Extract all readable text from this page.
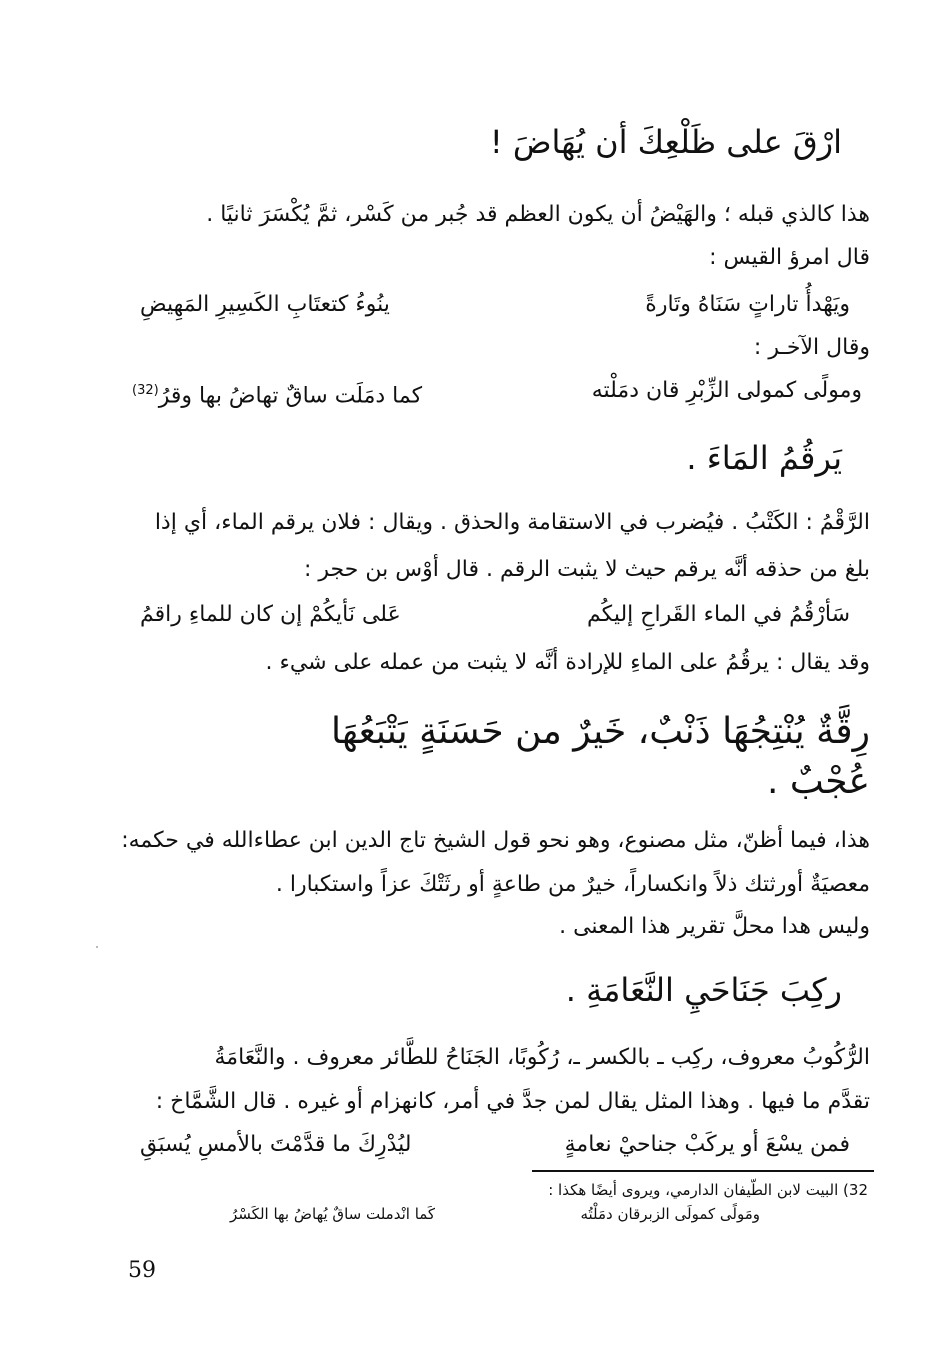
ارْقَ على ظَلْعِكَ أن يُهَاضَ !
هذا كالذي قبله ؛ والهَيْضُ أن يكون العظم قد جُبر من كَسْر، ثمَّ يُكْسَرَ ثانيًا .
قال امرؤ القيس :
ويَهْدأُ تاراتٍ سَنَاهُ وتَارةً
ينُوءُ كتعتَابِ الكَسِيرِ المَهِيضِ
وقال الآخـر :
ومولًى كمولى الزِّبْرِ قان دمَلْته
كما دمَلَت ساقٌ تهاضُ بها وقرُ$^{(32)}$
يَرقُمُ المَاءَ .
الرَّقْمُ : الكَتْبُ . فيُضرب في الاستقامة والحذق . ويقال : فلان يرقم الماء، أي إذا
بلغ من حذقه أنَّه يرقم حيث لا يثبت الرقم . قال أوْس بن حجر :
سَأرْقُمُ في الماء القَراحِ إليكُم
عَلى نَأيكُمْ إن كان للماءِ راقمُ
وقد يقال : يرقُمُ على الماءِ للإرادة أنَّه لا يثبت من عمله على شيء .
رِقَّةٌ يُنْتِجُهَا ذَنْبٌ، خَيرٌ من حَسَنَةٍ يَتْبَعُهَا
عُجْبٌ .
هذا، فيما أظنّ، مثل مصنوع، وهو نحو قول الشيخ تاج الدين ابن عطاءالله في حكمه:
معصيَةٌ أورثتك ذلاً وانكساراً، خيرٌ من طاعةٍ أو رثَتْكَ عزاً واستكبارا .
وليس هدا محلَّ تقرير هذا المعنى .
ركِبَ جَنَاحَيِ النَّعَامَةِ .
الرُّكُوبُ معروف، ركِب ـ بالكسر ـ، رُكُوبًا، الجَنَاحُ للطَّائر معروف . والنَّعَامَةُ
تقدَّم ما فيها . وهذا المثل يقال لمن جدَّ في أمر، كانهزام أو غيره . قال الشَّمَّاخ :
فمن يسْعَ أو يركَبْ جناحيْ نعامةٍ
ليُدْرِكَ ما قدَّمْتَ بالأمسِ يُسبَقِ
32) البيت لابن الطّيفان الدارمي، ويروى أيضًا هكذا :
ومَولًى كمولَى الزبرقان دمَلْتُه
كَما انْدملت ساقٌ يُهاضُ بها الكَسْرُ
59
